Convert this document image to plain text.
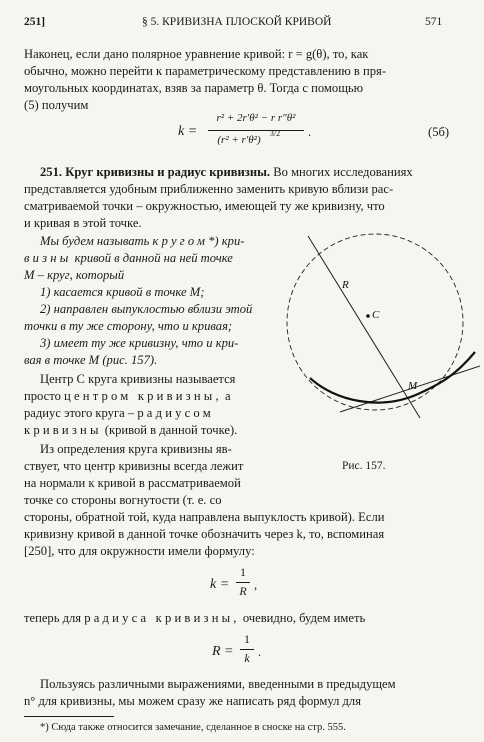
251]	§ 5. КРИВИЗНА ПЛОСКОЙ КРИВОЙ	571
Наконец, если дано полярное уравнение кривой: r = g(θ), то, как
обычно, можно перейти к параметрическому представлению в пря-
моугольных координатах, взяв за параметр θ. Тогда с помощью
(5) получим
k =
r² + 2r′θ² − r r″θ²
(r² + r′θ²)
3/2	.	(5б)
251. Круг кривизны и радиус кривизны. Во многих исследованиях
представляется удобным приближенно заменить кривую вблизи рас-
сматриваемой точки – окружностью, имеющей ту же кривизну, что
и кривая в этой точке.
Мы будем называть кругом*) кри-
визны кривой в данной на ней точке
M – круг, который
1) касается кривой в точке M;
2) направлен выпуклостью вблизи этой
точки в ту же сторону, что и кривая;
3) имеет ту же кривизну, что и кри-
вая в точке M (рис. 157).
Центр C круга кривизны называется
просто центром кривизны, а
радиус этого круга – радиусом
кривизны (кривой в данной точке).
Из определения круга кривизны яв-
ствует, что центр кривизны всегда лежит
на нормали к кривой в рассматриваемой
точке со стороны вогнутости (т. е. со
стороны, обратной той, куда направлена выпуклость кривой). Если
кривизну кривой в данной точке обозначить через k, то, вспоминая
[250], что для окружности имели формулу:
k =
1
R ,
теперь для радиуса кривизны, очевидно, будем иметь
R =
1
k .
Пользуясь различными выражениями, введенными в предыдущем
n° для кривизны, мы можем сразу же написать ряд формул для
*) Сюда также относится замечание, сделанное в сноске на стр. 555.
R
C
M
Рис. 157.
